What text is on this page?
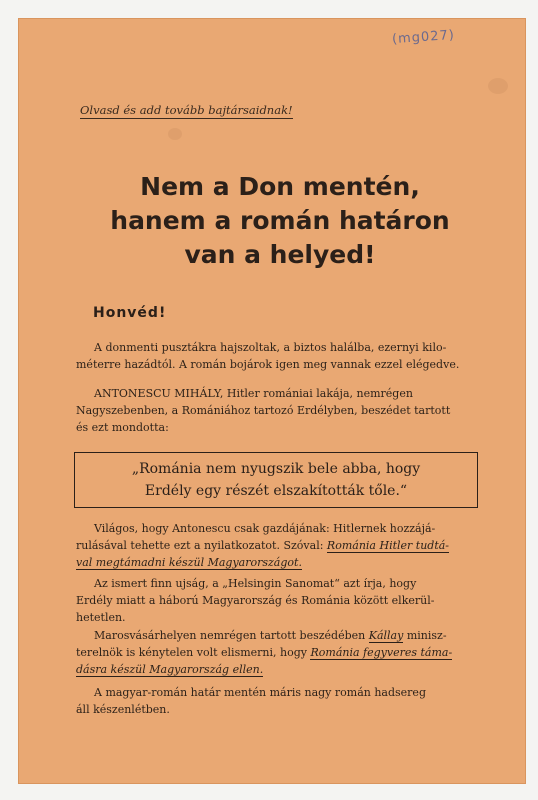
(mg027)
Olvasd és add tovább bajtársaidnak!
Nem a Don mentén,
hanem a román határon
van a helyed!
Honvéd!
A donmenti pusztákra hajszoltak, a biztos halálba, ezernyi kilo-
méterre hazádtól. A román bojárok igen meg vannak ezzel elégedve.
ANTONESCU MIHÁLY, Hitler romániai lakája, nemrégen
Nagyszebenben, a Romániához tartozó Erdélyben, beszédet tartott
és ezt mondotta:
„Románia nem nyugszik bele abba, hogy
Erdély egy részét elszakították tőle.“
Világos, hogy Antonescu csak gazdájának: Hitlernek hozzájá-
rulásával tehette ezt a nyilatkozatot. Szóval: Románia Hitler tudtá-
val megtámadni készül Magyarországot.
Az ismert finn ujság, a „Helsingin Sanomat“ azt írja, hogy
Erdély miatt a háború Magyarország és Románia között elkerül-
hetetlen.
Marosvásárhelyen nemrégen tartott beszédében Kállay minisz-
terelnök is kénytelen volt elismerni, hogy Románia fegyveres táma-
dásra készül Magyarország ellen.
A magyar-román határ mentén máris nagy román hadsereg
áll készenlétben.
